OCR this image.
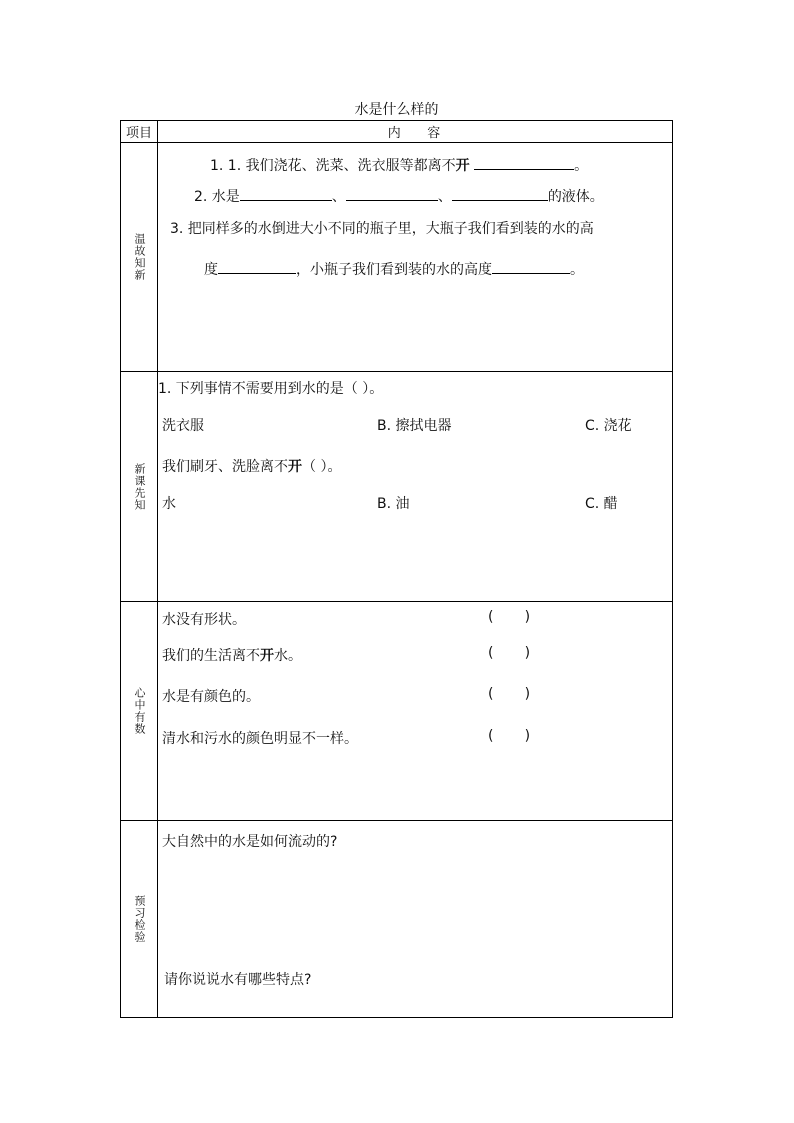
水是什么样的
项目	内    容
温故知新
1. 1. 我们浇花、洗菜、洗衣服等都离不开	。
2. 水是	、	、	的液体。
3. 把同样多的水倒进大小不同的瓶子里，大瓶子我们看到装的水的高
度	，小瓶子我们看到装的水的高度	。
新课先知
1. 下列事情不需要用到水的是（ ）。
洗衣服	B. 擦拭电器	C. 浇花
我们刷牙、洗脸离不开（ ）。
水	B. 油	C. 醋
心中有数
水没有形状。	(       )
我们的生活离不开水。	(       )
水是有颜色的。	(       )
清水和污水的颜色明显不一样。	(       )
预习检验
大自然中的水是如何流动的?
请你说说水有哪些特点?
